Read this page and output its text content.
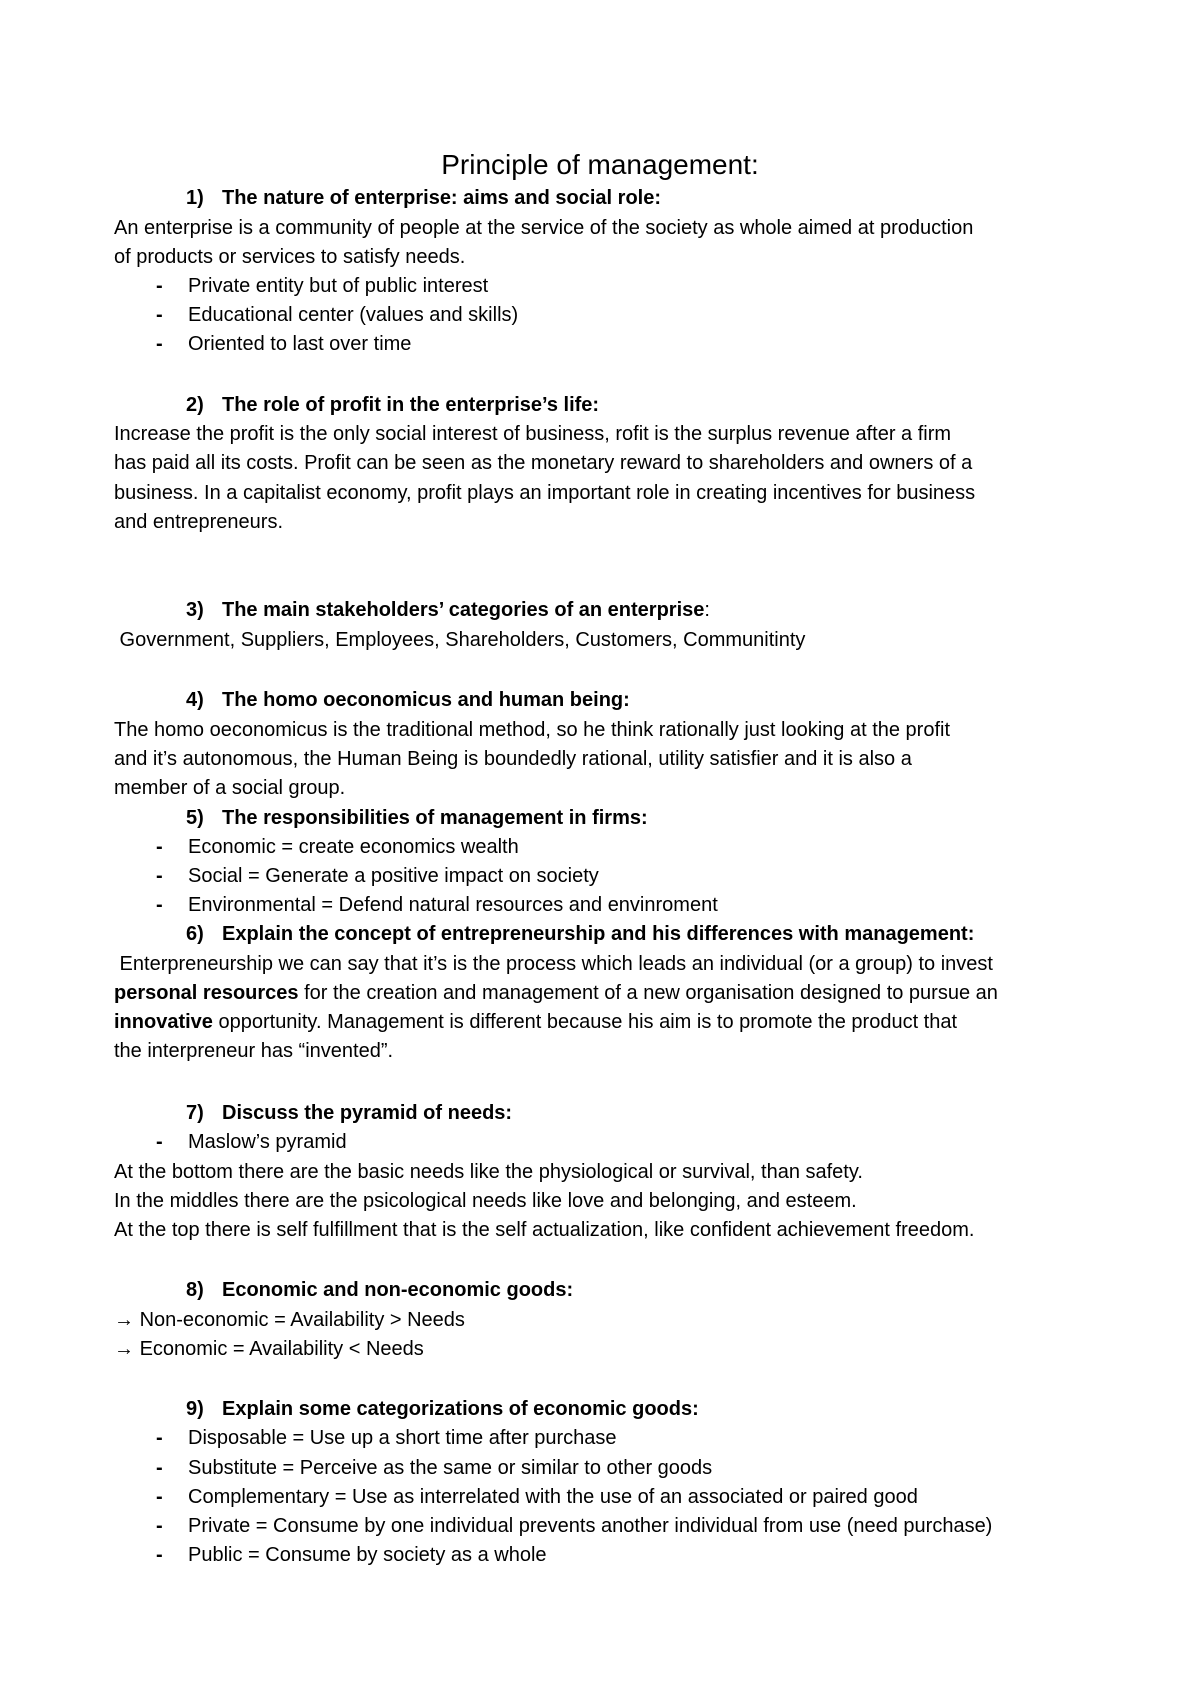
Principle of management:
1) The nature of enterprise: aims and social role:
An enterprise is a community of people at the service of the society as whole aimed at production
of products or services to satisfy needs.
- Private entity but of public interest
- Educational center (values and skills)
- Oriented to last over time
2) The role of profit in the enterprise’s life:
Increase the profit is the only social interest of business, rofit is the surplus revenue after a firm
has paid all its costs. Profit can be seen as the monetary reward to shareholders and owners of a
business. In a capitalist economy, profit plays an important role in creating incentives for business
and entrepreneurs.
3) The main stakeholders’ categories of an enterprise:
Government, Suppliers, Employees, Shareholders, Customers, Communitinty
4) The homo oeconomicus and human being:
The homo oeconomicus is the traditional method, so he think rationally just looking at the profit
and it’s autonomous, the Human Being is boundedly rational, utility satisfier and it is also a
member of a social group.
5) The responsibilities of management in firms:
- Economic = create economics wealth
- Social = Generate a positive impact on society
- Environmental = Defend natural resources and envinroment
6) Explain the concept of entrepreneurship and his differences with management:
Enterpreneurship we can say that it’s is the process which leads an individual (or a group) to invest
personal resources for the creation and management of a new organisation designed to pursue an
innovative opportunity. Management is different because his aim is to promote the product that
the interpreneur has “invented”.
7) Discuss the pyramid of needs:
- Maslow’s pyramid
At the bottom there are the basic needs like the physiological or survival, than safety.
In the middles there are the psicological needs like love and belonging, and esteem.
At the top there is self fulfillment that is the self actualization, like confident achievement freedom.
8) Economic and non-economic goods:
→ Non-economic = Availability > Needs
→ Economic = Availability < Needs
9) Explain some categorizations of economic goods:
- Disposable = Use up a short time after purchase
- Substitute = Perceive as the same or similar to other goods
- Complementary = Use as interrelated with the use of an associated or paired good
- Private = Consume by one individual prevents another individual from use (need purchase)
- Public = Consume by society as a whole
